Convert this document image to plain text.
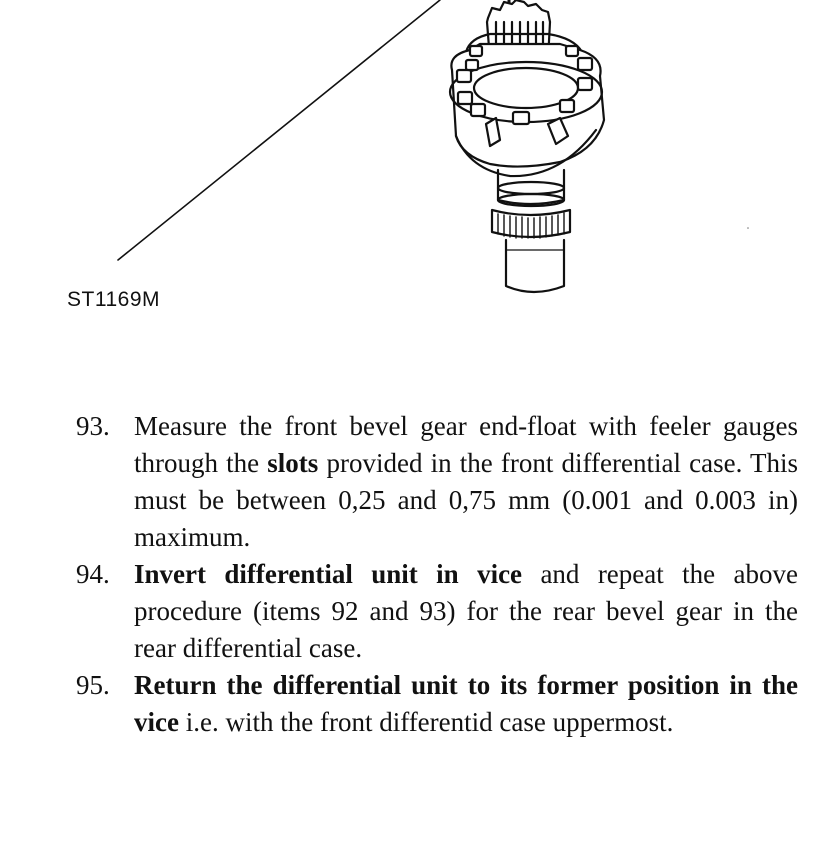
ST1169M
93. Measure the front bevel gear end-float with feeler gauges through the slots provided in the front differential case. This must be between 0,25 and 0,75 mm (0.001 and 0.003 in) maximum.
94. Invert differential unit in vice and repeat the above procedure (items 92 and 93) for the rear bevel gear in the rear differential case.
95. Return the differential unit to its former position in the vice i.e. with the front differentid case uppermost.
